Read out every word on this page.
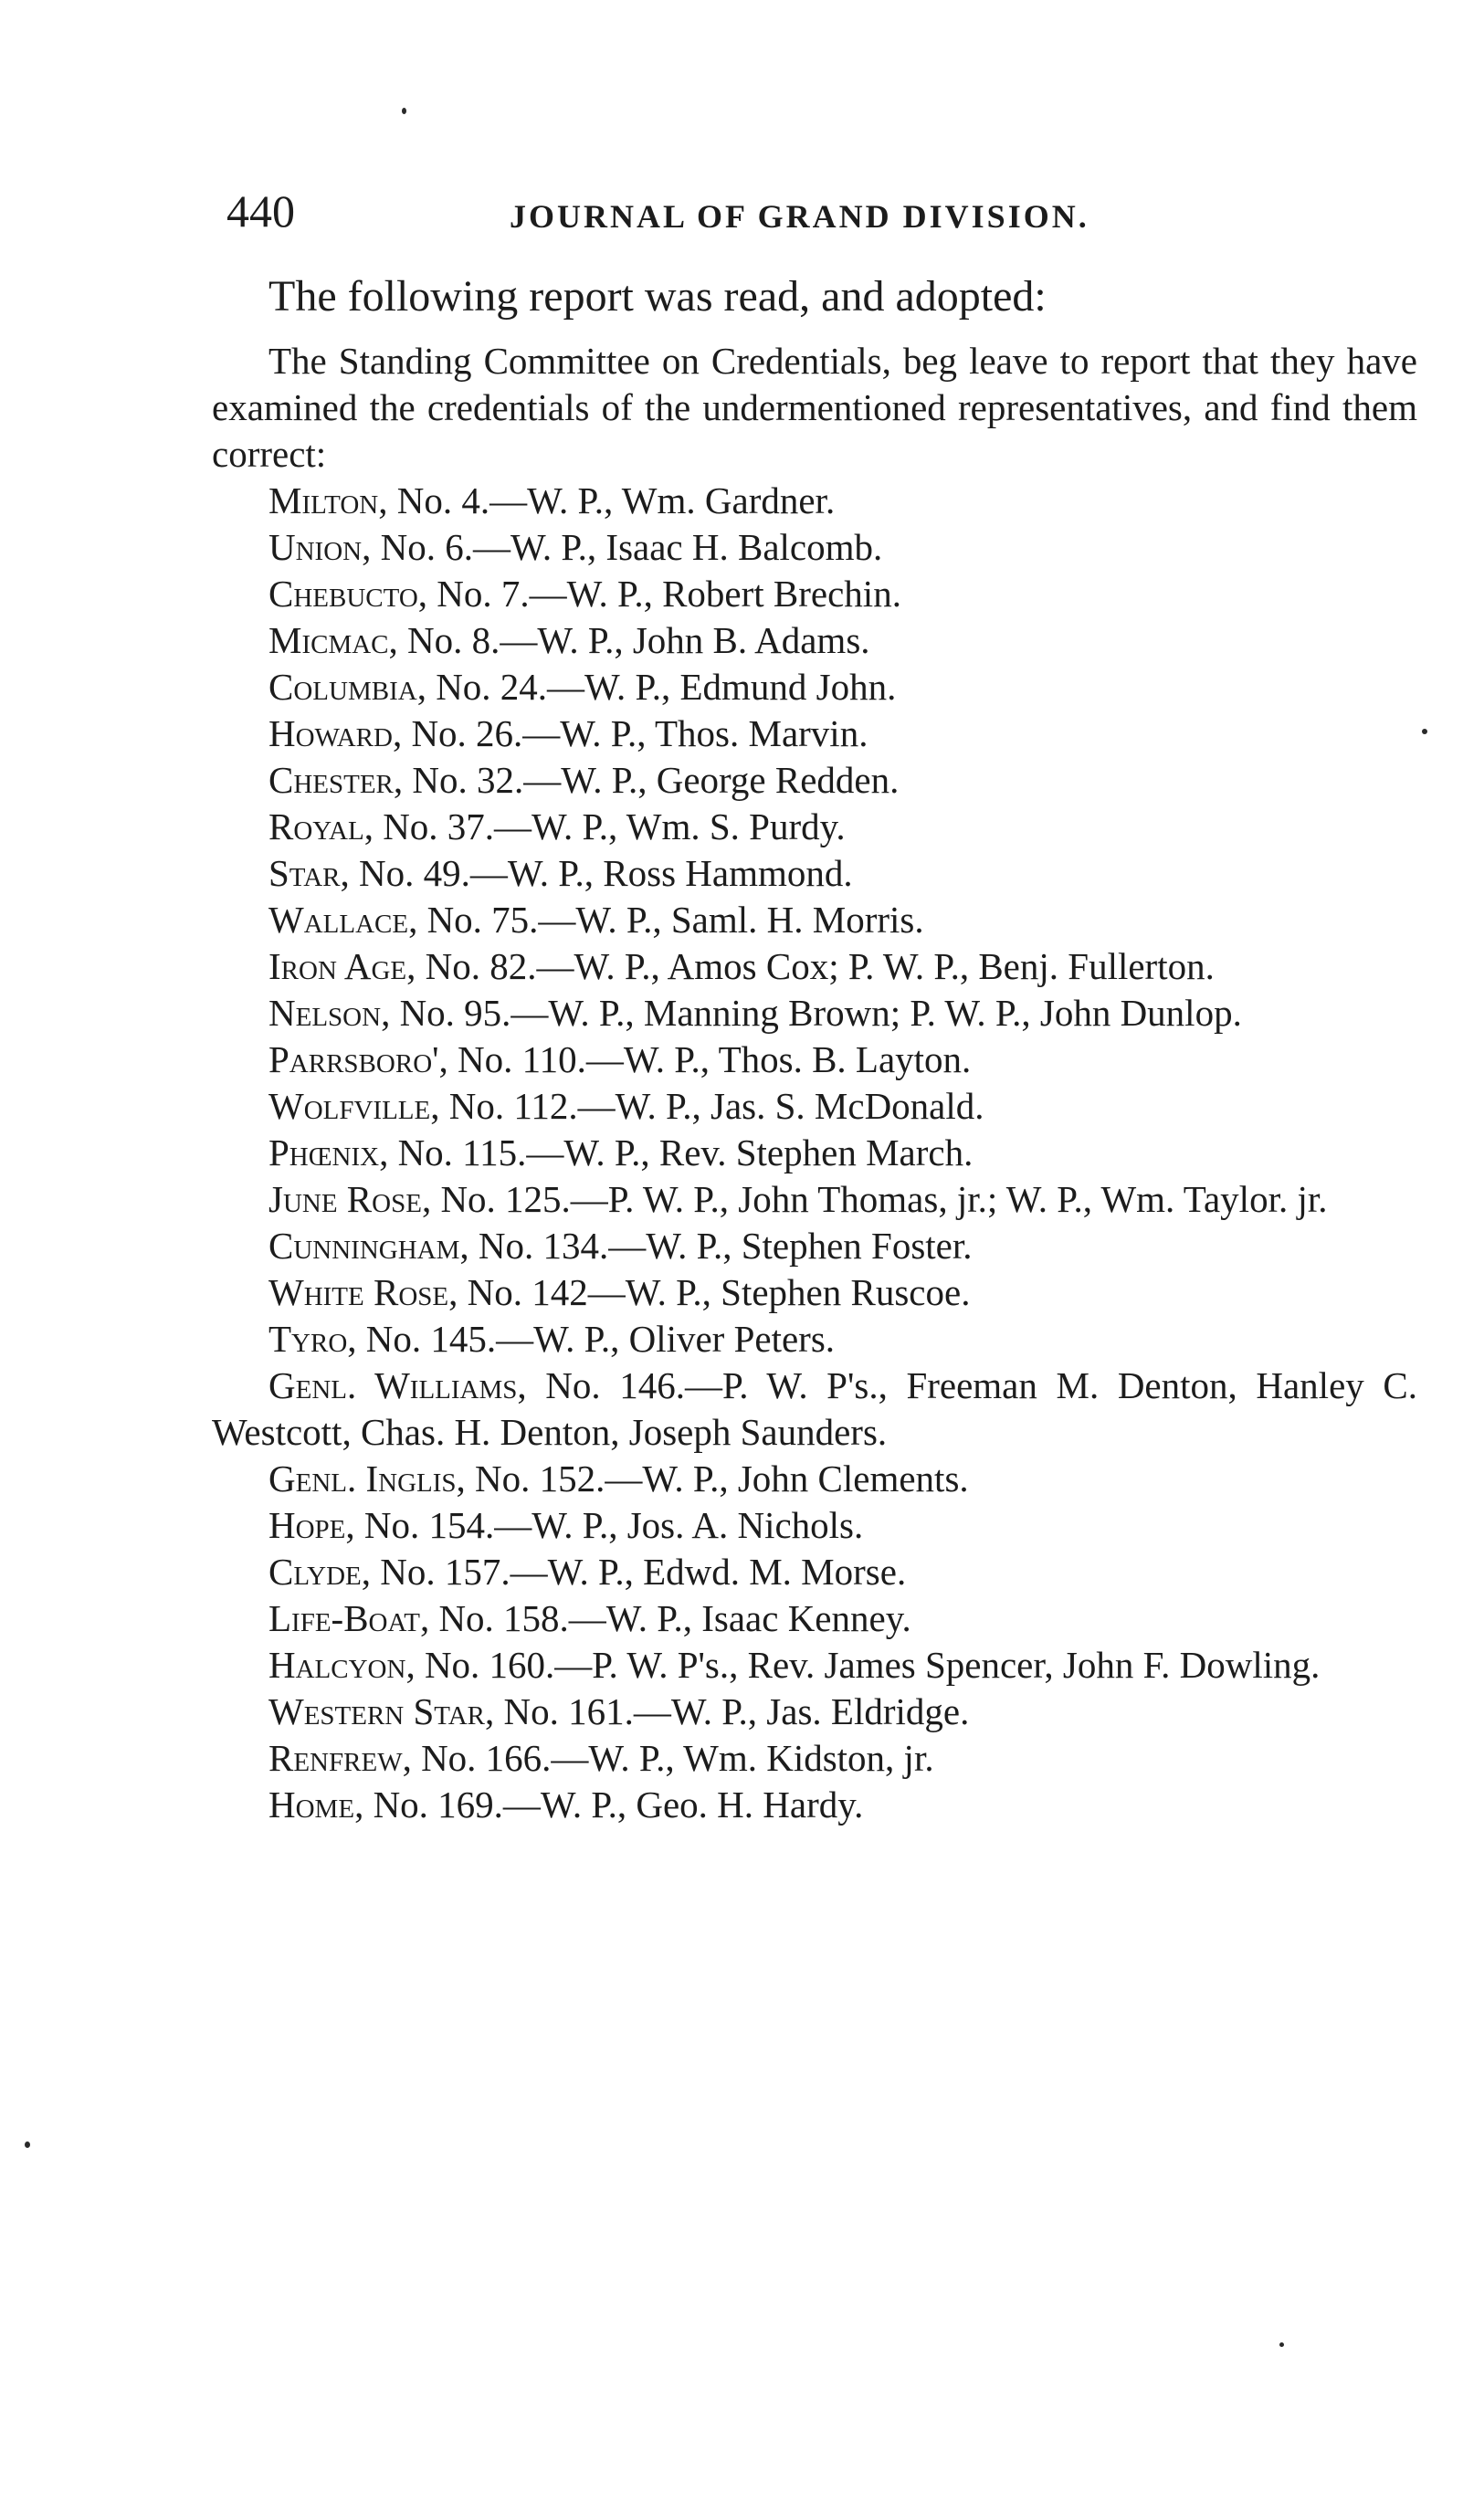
440	JOURNAL OF GRAND DIVISION.

The following report was read, and adopted:

The Standing Committee on Credentials, beg leave to report that they have examined the credentials of the undermentioned representatives, and find them correct:

Milton, No. 4.—W. P., Wm. Gardner.

Union, No. 6.—W. P., Isaac H. Balcomb.

Chebucto, No. 7.—W. P., Robert Brechin.

Micmac, No. 8.—W. P., John B. Adams.

Columbia, No. 24.—W. P., Edmund John.

Howard, No. 26.—W. P., Thos. Marvin.

Chester, No. 32.—W. P., George Redden.

Royal, No. 37.—W. P., Wm. S. Purdy.

Star, No. 49.—W. P., Ross Hammond.

Wallace, No. 75.—W. P., Saml. H. Morris.

Iron Age, No. 82.—W. P., Amos Cox; P. W. P., Benj. Fullerton.

Nelson, No. 95.—W. P., Manning Brown; P. W. P., John Dunlop.

Parrsboro', No. 110.—W. P., Thos. B. Layton.

Wolfville, No. 112.—W. P., Jas. S. McDonald.

Phœnix, No. 115.—W. P., Rev. Stephen March.

June Rose, No. 125.—P. W. P., John Thomas, jr.; W. P., Wm. Taylor. jr.

Cunningham, No. 134.—W. P., Stephen Foster.

White Rose, No. 142—W. P., Stephen Ruscoe.

Tyro, No. 145.—W. P., Oliver Peters.

Genl. Williams, No. 146.—P. W. P's., Freeman M. Denton, Hanley C. Westcott, Chas. H. Denton, Joseph Saunders.

Genl. Inglis, No. 152.—W. P., John Clements.

Hope, No. 154.—W. P., Jos. A. Nichols.

Clyde, No. 157.—W. P., Edwd. M. Morse.

Life-Boat, No. 158.—W. P., Isaac Kenney.

Halcyon, No. 160.—P. W. P's., Rev. James Spencer, John F. Dowling.

Western Star, No. 161.—W. P., Jas. Eldridge.

Renfrew, No. 166.—W. P., Wm. Kidston, jr.

Home, No. 169.—W. P., Geo. H. Hardy.
